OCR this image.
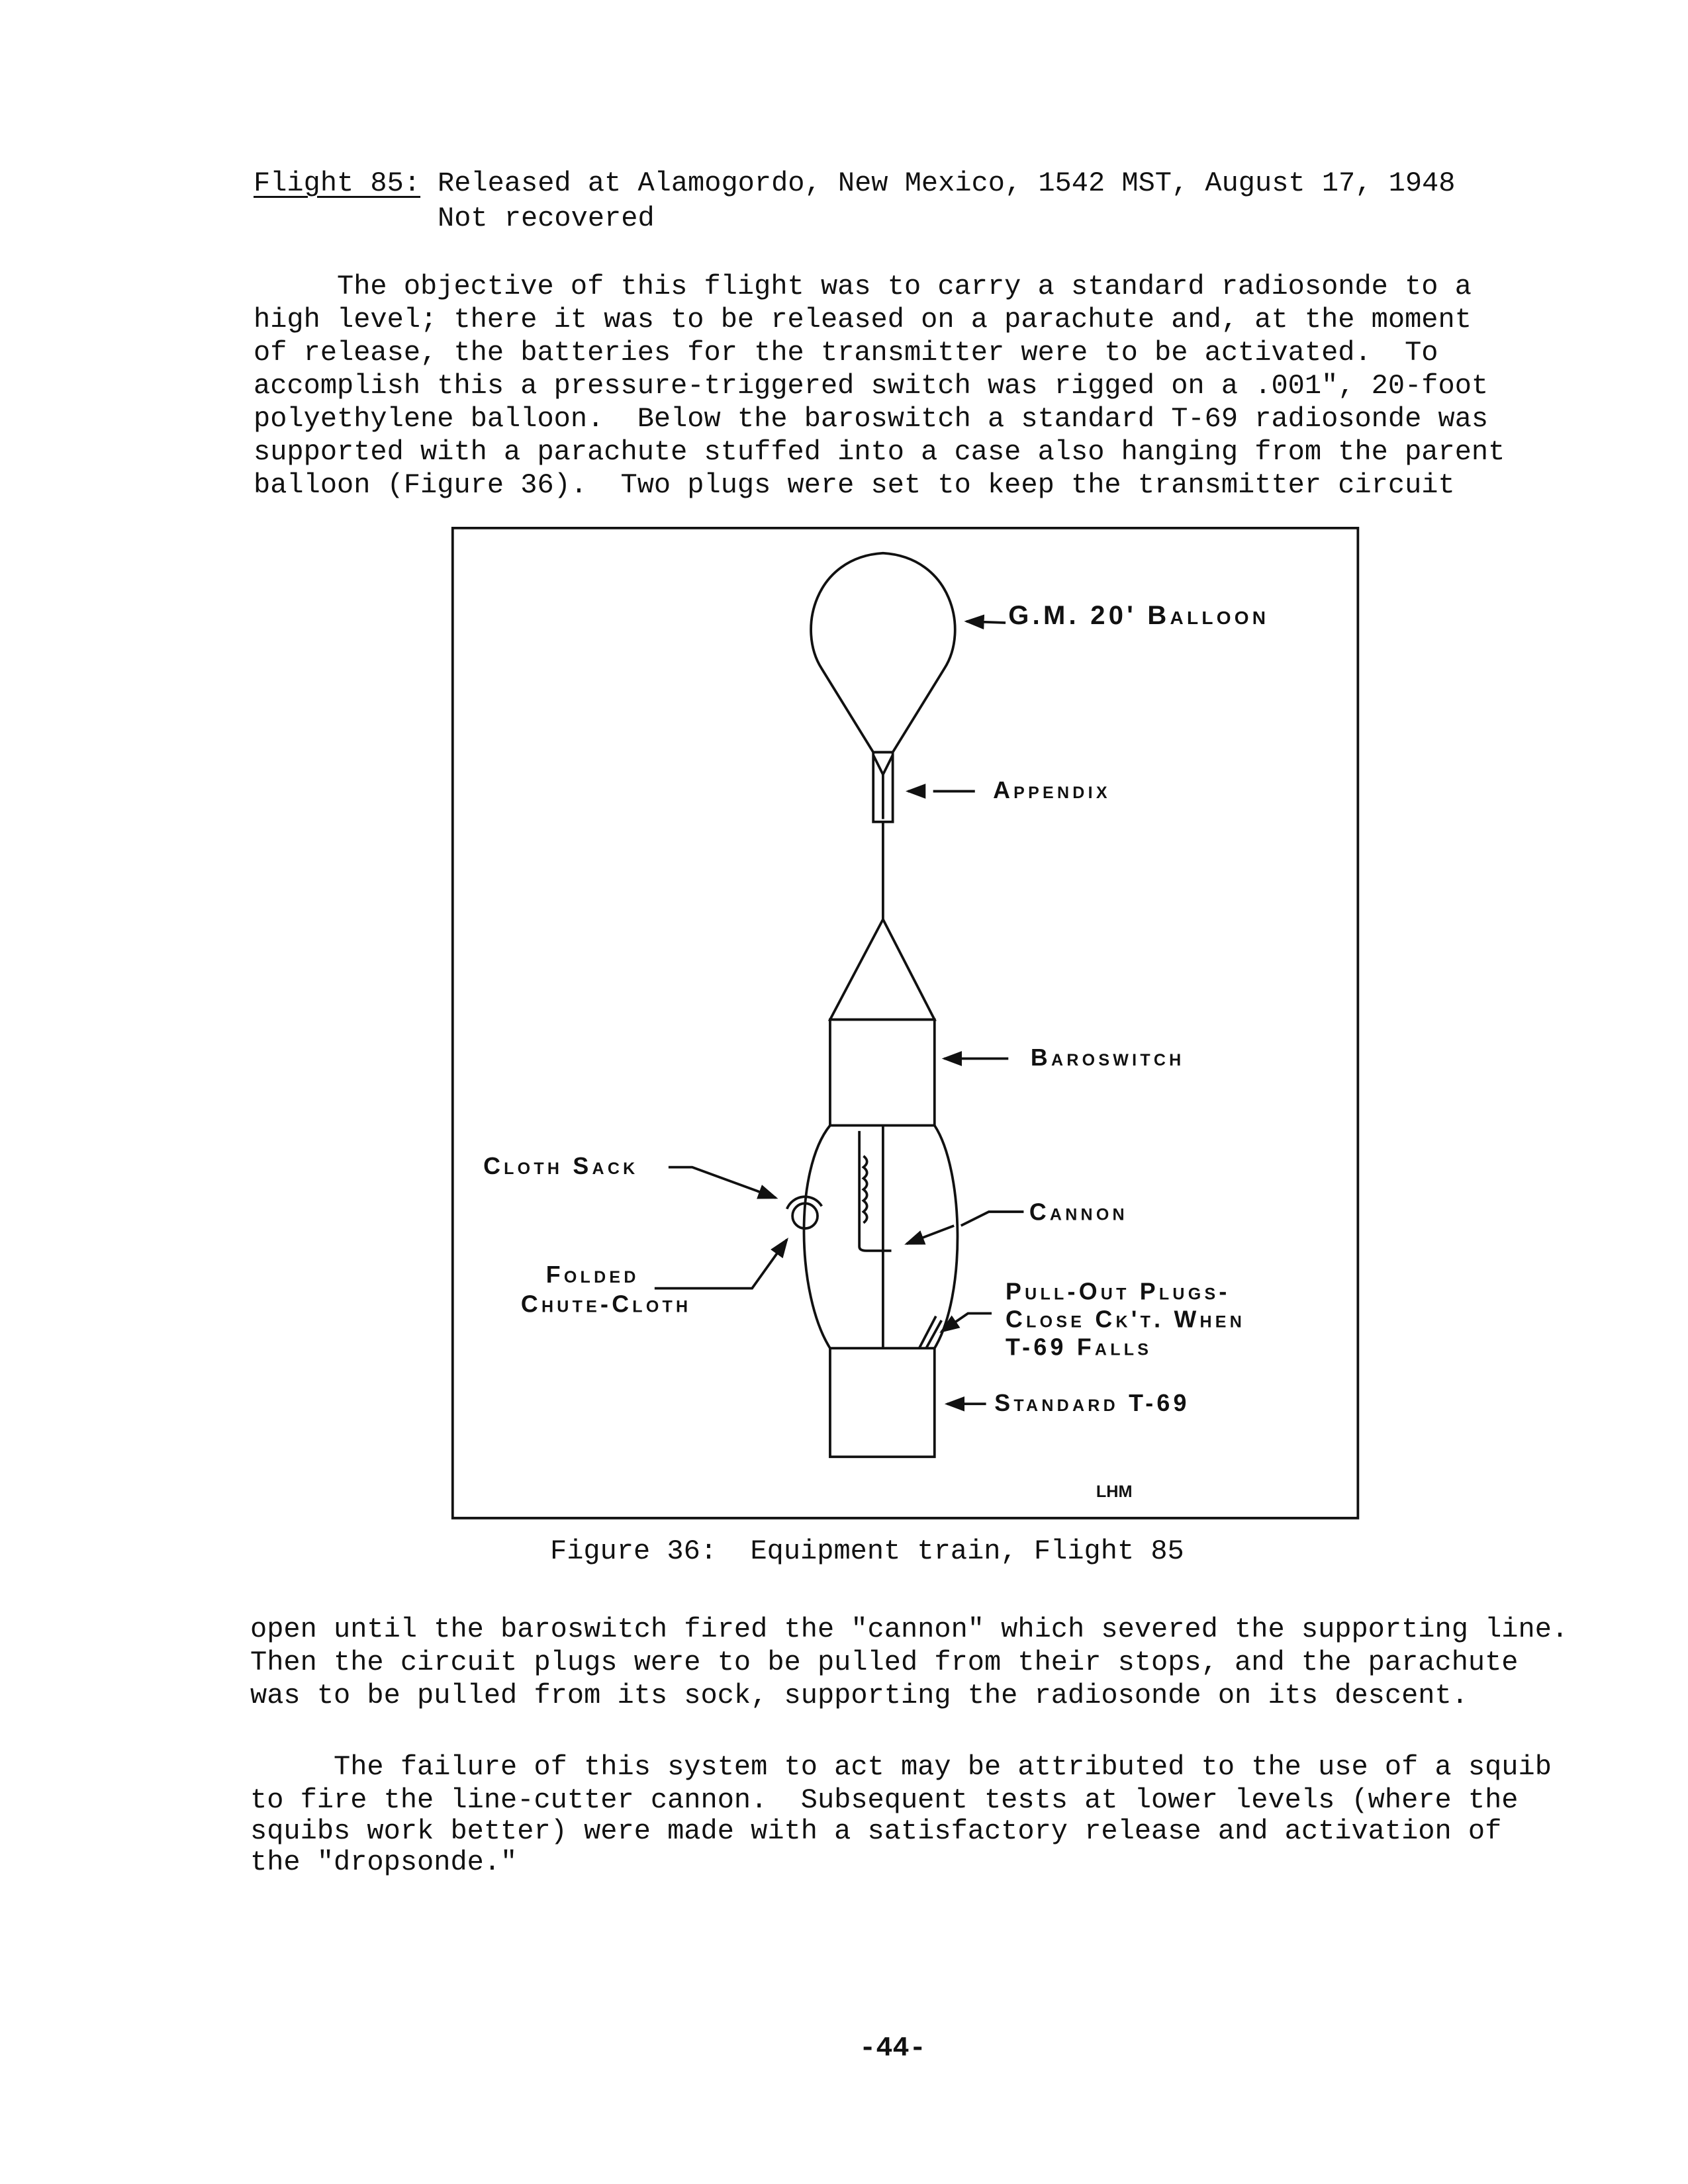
Flight 85: Released at Alamogordo, New Mexico, 1542 MST, August 17, 1948
Not recovered
The objective of this flight was to carry a standard radiosonde to a
high level; there it was to be released on a parachute and, at the moment
of release, the batteries for the transmitter were to be activated.  To
accomplish this a pressure-triggered switch was rigged on a .001", 20-foot
polyethylene balloon.  Below the baroswitch a standard T-69 radiosonde was
supported with a parachute stuffed into a case also hanging from the parent
balloon (Figure 36).  Two plugs were set to keep the transmitter circuit
G.M. 20' Balloon
Appendix
Baroswitch
Cloth Sack
Cannon
Folded
Chute-Cloth	Pull-Out Plugs-
Close Ck't. When
T-69 Falls
Standard T-69
LHM
Figure 36:  Equipment train, Flight 85
open until the baroswitch fired the "cannon" which severed the supporting line.
Then the circuit plugs were to be pulled from their stops, and the parachute
was to be pulled from its sock, supporting the radiosonde on its descent.
The failure of this system to act may be attributed to the use of a squib
to fire the line-cutter cannon.  Subsequent tests at lower levels (where the
squibs work better) were made with a satisfactory release and activation of
the "dropsonde."
-44-
